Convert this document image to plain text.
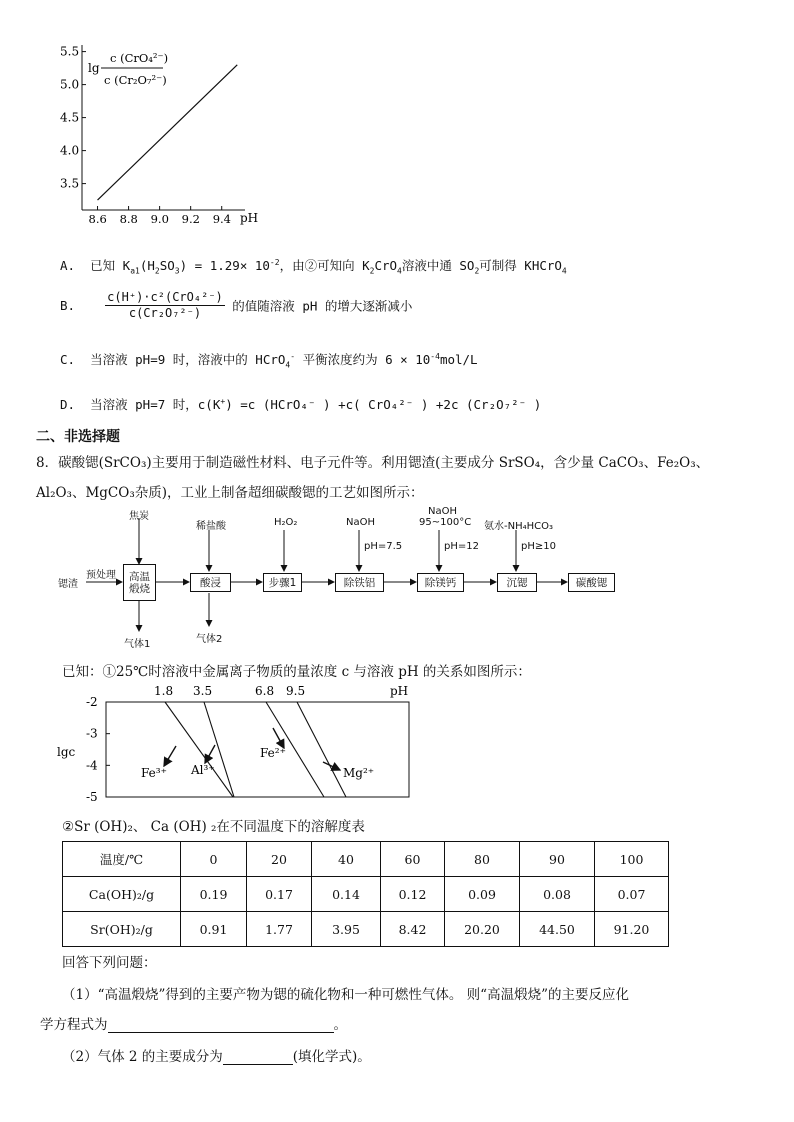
3.5
4.0
4.5
5.0
5.5
8.6 8.8 9.0 9.2 9.4 pH
lg
c (CrO₄²⁻)
c (Cr₂O₇²⁻)
A. 已知 $K_{a1}(H_2SO_3) = 1.29\times 10^{-2}$，由②可知向 $K_2CrO_4$溶液中通 $SO_2$可制得 KHCrO$_4$
B.	$\frac{\text{c(H⁺)·c²(CrO₄²⁻)}}{\text{c(Cr₂O₇²⁻)}}$ 的值随溶液 pH 的增大逐渐减小
C. 当溶液 pH=9 时，溶液中的 HCrO$_4$- 平衡浓度约为 $6 \times 10^{-4}mol/L$
D. 当溶液 pH=7 时，c(K+) =c (HCrO₄⁻ ) +c( CrO₄²⁻ ) +2c (Cr₂O₇²⁻ )
二、非选择题
8．碳酸锶(SrCO₃)主要用于制造磁性材料、电子元件等。利用锶渣(主要成分 SrSO₄，含少量 CaCO₃、Fe₂O₃、
Al₂O₃、MgCO₃杂质)，工业上制备超细碳酸锶的工艺如图所示：
锶渣
预处理	高温煅烧	酸浸	步骤1	除铁铝	除镁钙	沉锶	碳酸锶
焦炭
稀盐酸	H₂O₂	NaOH
NaOH
95~100°C 氨水-NH₄HCO₃
pH=7.5	pH=12	pH≥10
气体1	气体2
已知：①25℃时溶液中金属离子物质的量浓度 c 与溶液 pH 的关系如图所示：
-2
-3
-4
-5
1.8 3.5	6.8 9.5	pH
lgc
Fe³⁺ Al³⁺
Fe²⁺
Mg²⁺
②Sr (OH)₂、 Ca (OH) ₂在不同温度下的溶解度表
温度/℃	0	20	40	60	80	90	100
Ca(OH)₂/g	0.19	0.17	0.14	0.12	0.09	0.08	0.07
Sr(OH)₂/g	0.91	1.77	3.95	8.42	20.20	44.50	91.20
回答下列问题：
（1）“高温煅烧”得到的主要产物为锶的硫化物和一种可燃性气体。 则“高温煅烧”的主要反应化
学方程式为	。
（2）气体 2 的主要成分为	(填化学式)。
